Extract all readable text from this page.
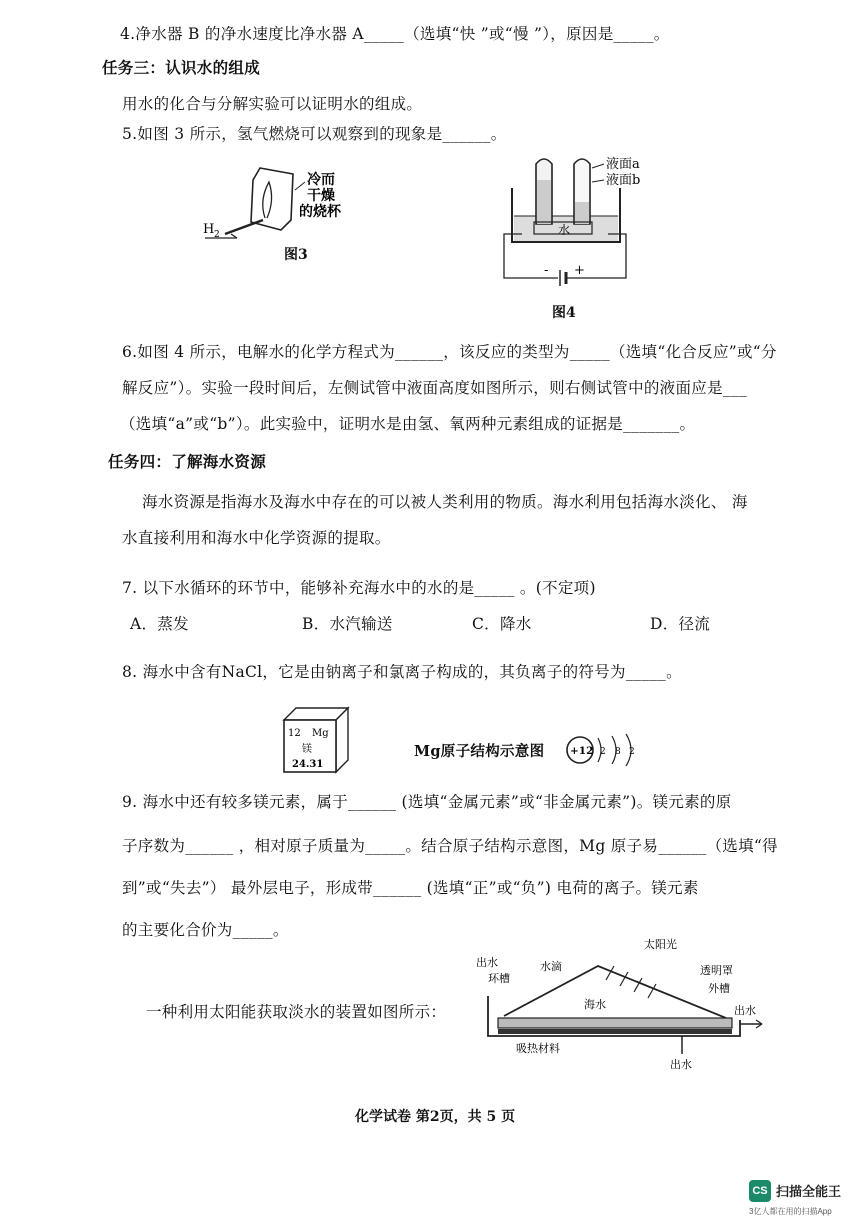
4.净水器 B 的净水速度比净水器 A_____（选填“快 ”或“慢 ”），原因是_____。
任务三：认识水的组成
用水的化合与分解实验可以证明水的组成。
5.如图 3 所示，氢气燃烧可以观察到的现象是______。
冷而
干燥
的烧杯
H 2
图3
液面a
液面b
水
- +
图4
6.如图 4 所示，电解水的化学方程式为______，该反应的类型为_____（选填“化合反应”或“分
解反应”）。实验一段时间后，左侧试管中液面高度如图所示，则右侧试管中的液面应是___
（选填“a”或“b”）。此实验中，证明水是由氢、氧两种元素组成的证据是_______。
任务四：了解海水资源
海水资源是指海水及海水中存在的可以被人类利用的物质。海水利用包括海水淡化、 海
水直接利用和海水中化学资源的提取。
7. 以下水循环的环节中，能够补充海水中的水的是_____ 。(不定项)
A．蒸发	B．水汽输送	C．降水	D．径流
8. 海水中含有NaCl，它是由钠离子和氯离子构成的，其负离子的符号为_____。
12 Mg
镁
24.31
Mg原子结构示意图 +12 2 8 2
9. 海水中还有较多镁元素，属于______ (选填“金属元素”或“非金属元素”)。镁元素的原
子序数为______ ，相对原子质量为_____。结合原子结构示意图，Mg 原子易______（选填“得
到”或“失去”） 最外层电子，形成带______ (选填“正”或“负”) 电荷的离子。镁元素
的主要化合价为_____。
一种利用太阳能获取淡水的装置如图所示：
太阳光
水滴	透明罩
外槽
出水
环槽
海水	出水
出水
吸热材料
化学试卷 第2页，共 5 页
CS 扫描全能王
3亿人都在用的扫描App
